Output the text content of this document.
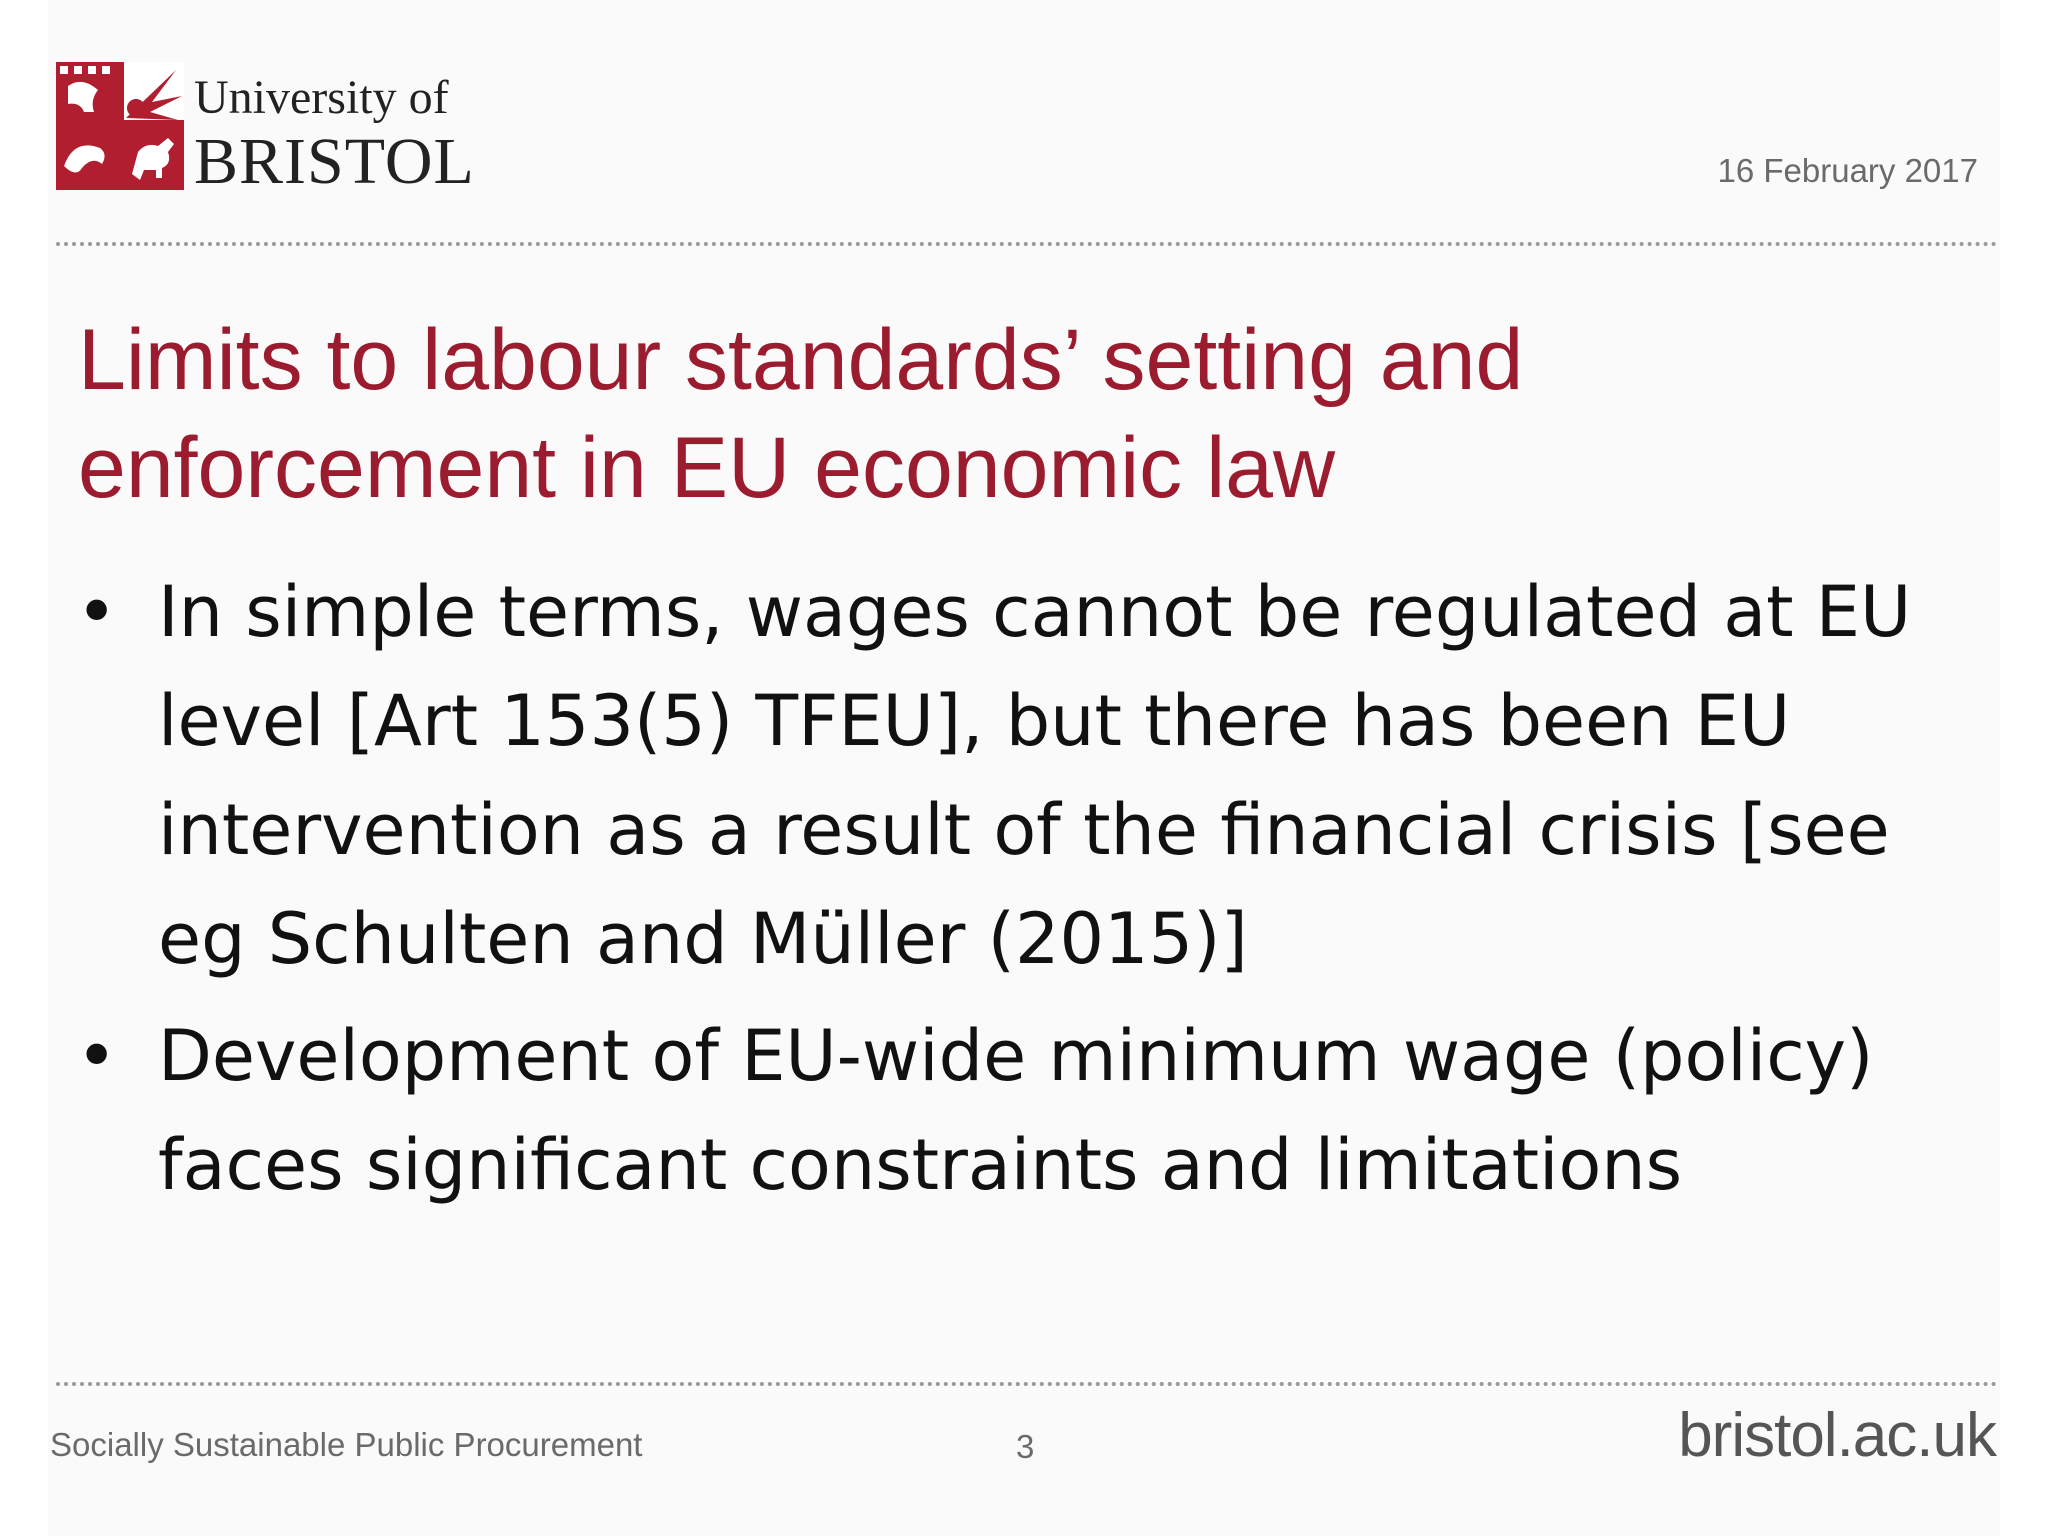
University of
BRISTOL	16 February 2017
Limits to labour standards’ setting and enforcement in EU economic law
• In simple terms, wages cannot be regulated at EU level [Art 153(5) TFEU], but there has been EU intervention as a result of the financial crisis [see eg Schulten and Müller (2015)]
• Development of EU-wide minimum wage (policy) faces significant constraints and limitations
Socially Sustainable Public Procurement	3	bristol.ac.uk
